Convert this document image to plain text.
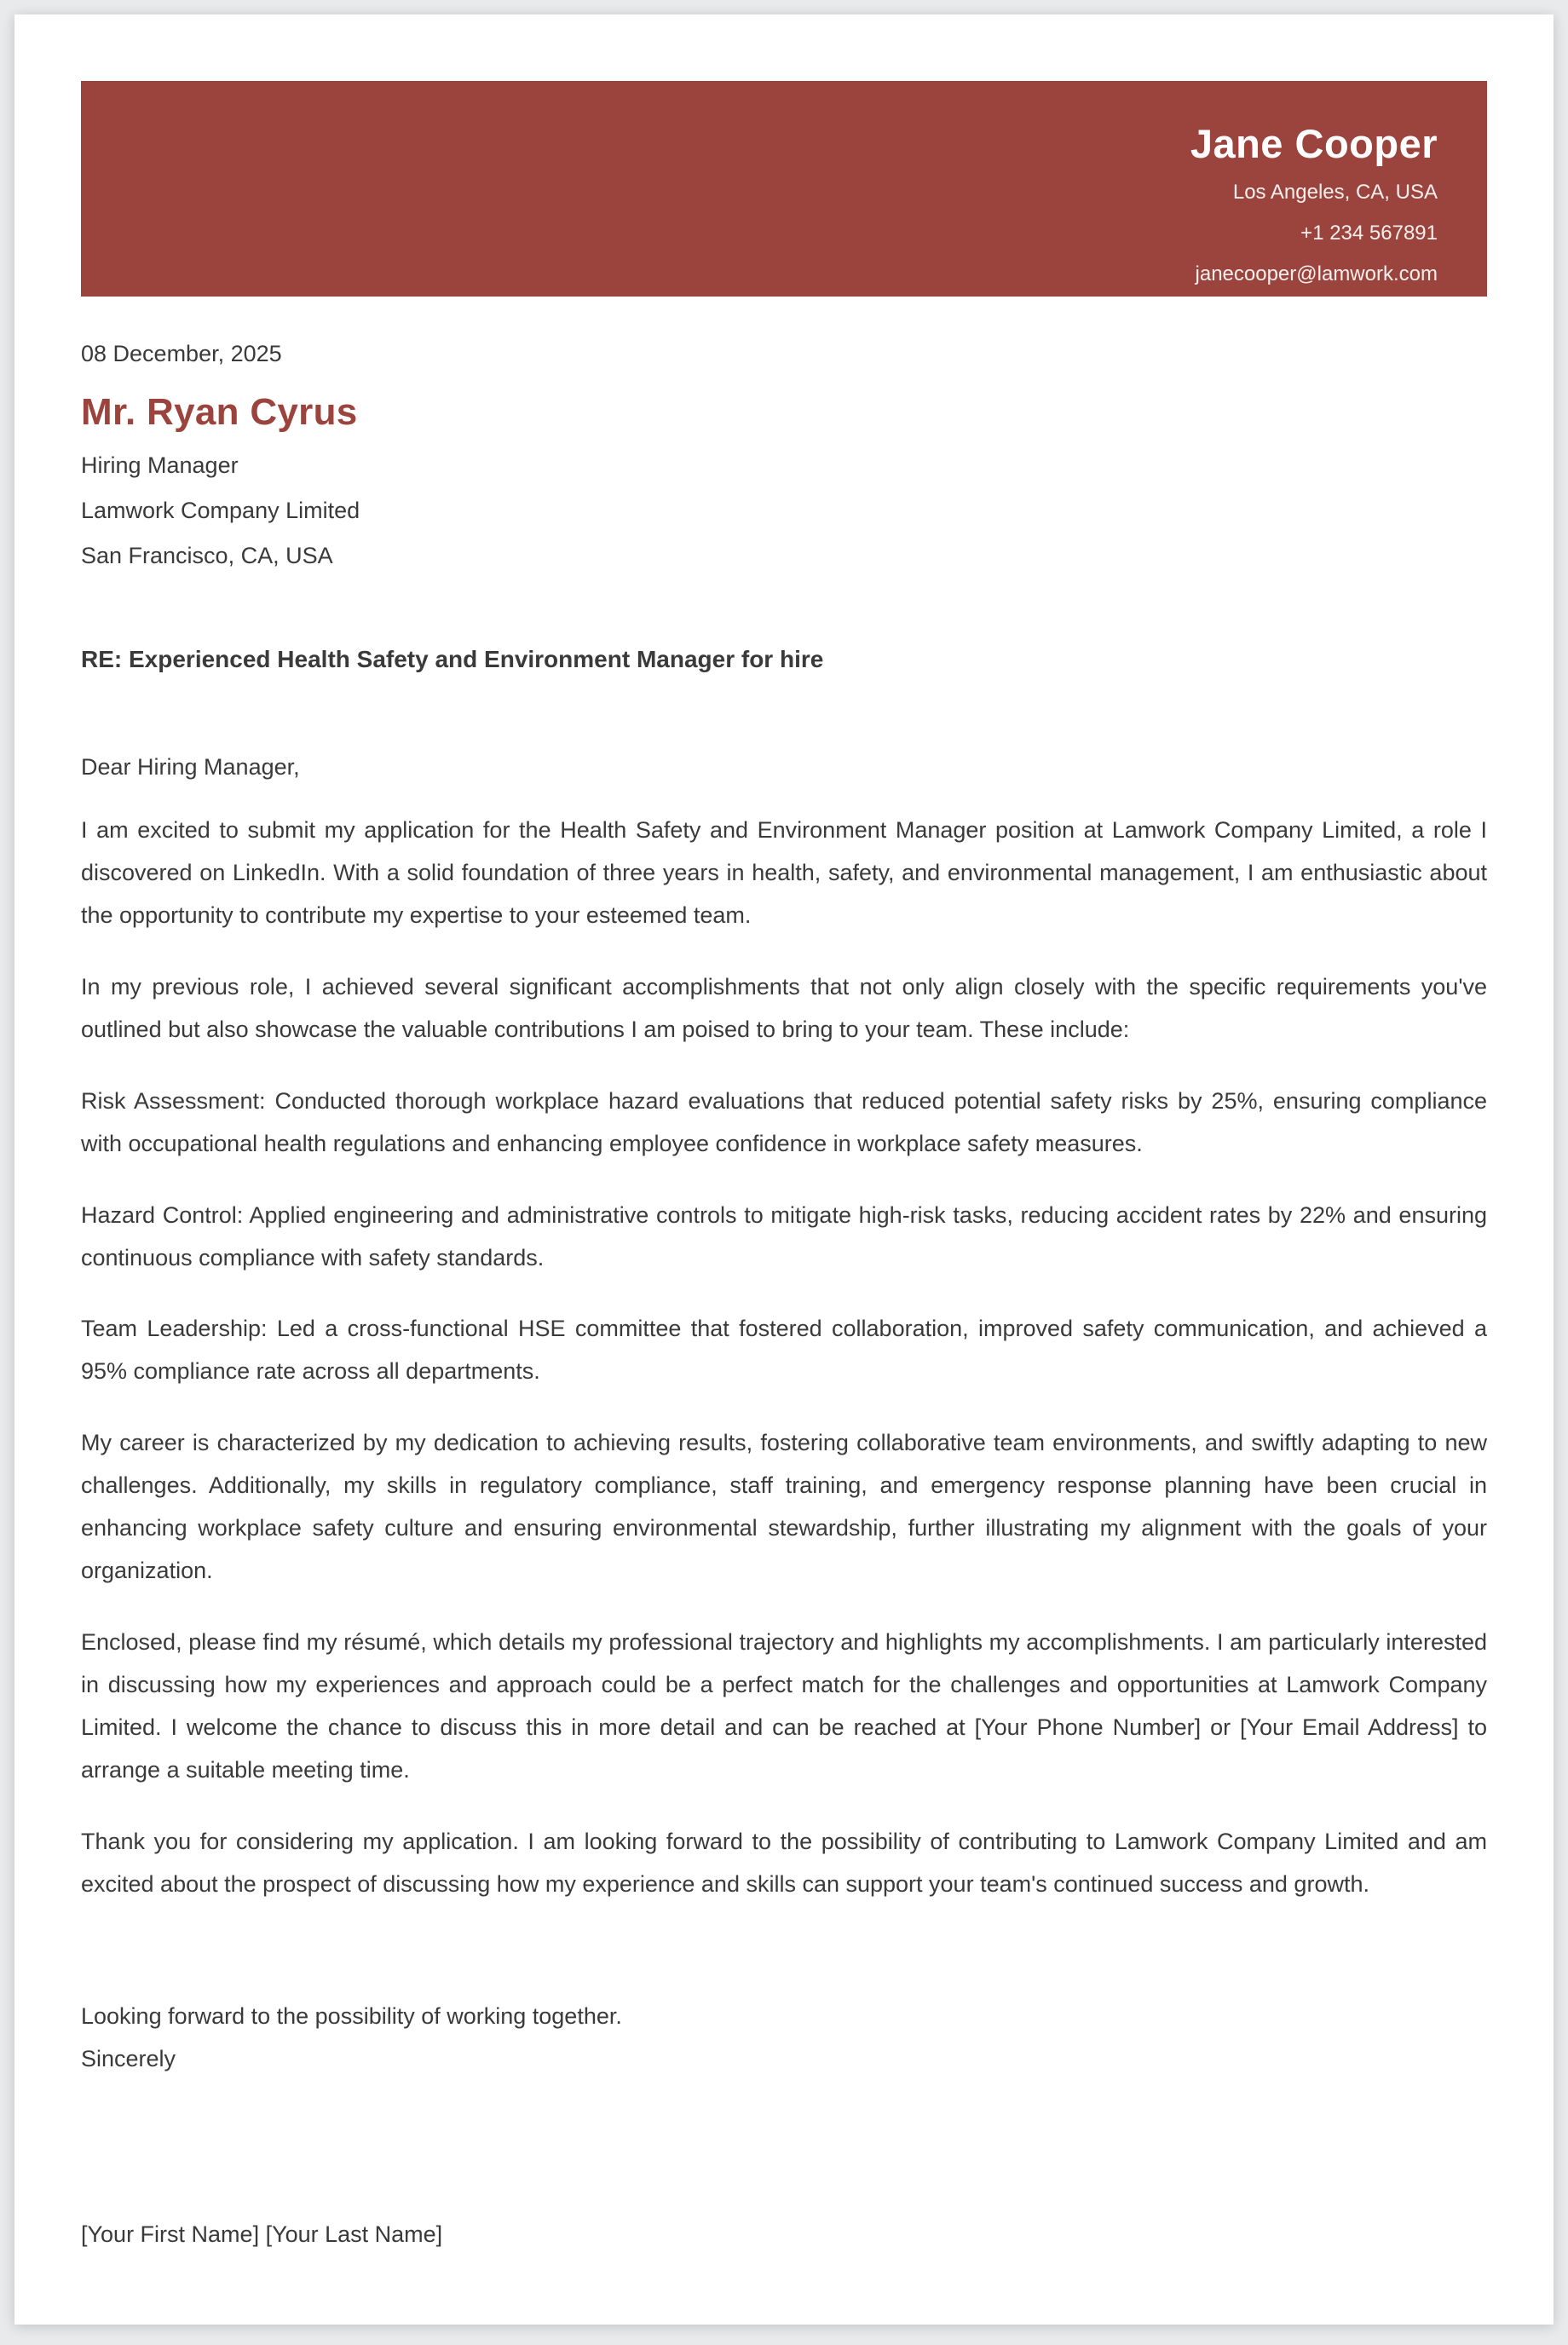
Jane Cooper
Los Angeles, CA, USA
+1 234 567891
janecooper@lamwork.com
08 December, 2025
Mr. Ryan Cyrus
Hiring Manager
Lamwork Company Limited
San Francisco, CA, USA
RE: Experienced Health Safety and Environment Manager for hire

Dear Hiring Manager,

I am excited to submit my application for the Health Safety and Environment Manager position at Lamwork Company Limited, a role I discovered on LinkedIn. With a solid foundation of three years in health, safety, and environmental management, I am enthusiastic about the opportunity to contribute my expertise to your esteemed team.

In my previous role, I achieved several significant accomplishments that not only align closely with the specific requirements you've outlined but also showcase the valuable contributions I am poised to bring to your team. These include:

Risk Assessment: Conducted thorough workplace hazard evaluations that reduced potential safety risks by 25%, ensuring compliance with occupational health regulations and enhancing employee confidence in workplace safety measures.

Hazard Control: Applied engineering and administrative controls to mitigate high-risk tasks, reducing accident rates by 22% and ensuring continuous compliance with safety standards.

Team Leadership: Led a cross-functional HSE committee that fostered collaboration, improved safety communication, and achieved a 95% compliance rate across all departments.

My career is characterized by my dedication to achieving results, fostering collaborative team environments, and swiftly adapting to new challenges. Additionally, my skills in regulatory compliance, staff training, and emergency response planning have been crucial in enhancing workplace safety culture and ensuring environmental stewardship, further illustrating my alignment with the goals of your organization.

Enclosed, please find my résumé, which details my professional trajectory and highlights my accomplishments. I am particularly interested in discussing how my experiences and approach could be a perfect match for the challenges and opportunities at Lamwork Company Limited. I welcome the chance to discuss this in more detail and can be reached at [Your Phone Number] or [Your Email Address] to arrange a suitable meeting time.

Thank you for considering my application. I am looking forward to the possibility of contributing to Lamwork Company Limited and am excited about the prospect of discussing how my experience and skills can support your team's continued success and growth.

Looking forward to the possibility of working together.

Sincerely

[Your First Name] [Your Last Name]
